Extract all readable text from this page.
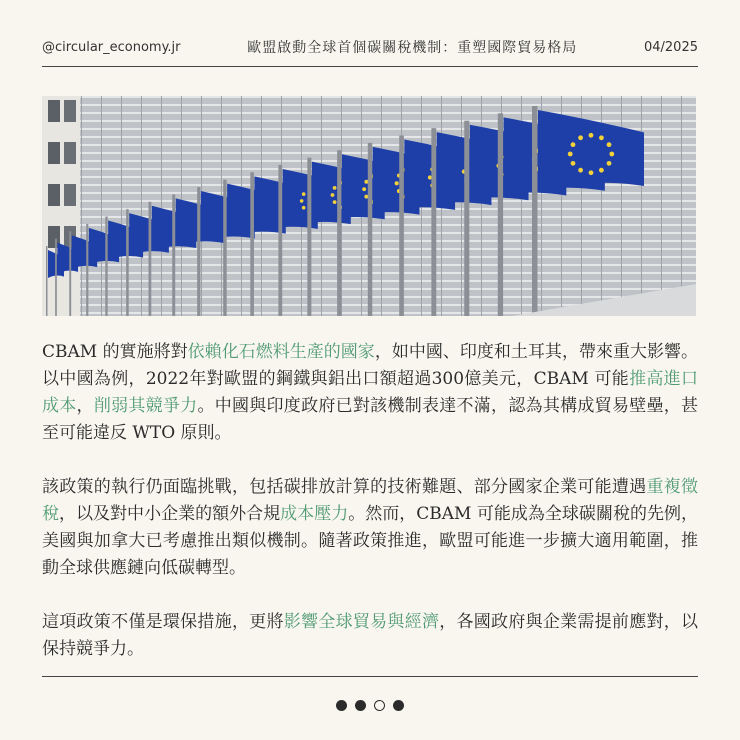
@circular_economy.jr	歐盟啟動全球首個碳關稅機制：重塑國際貿易格局	04/2025

CBAM 的實施將對依賴化石燃料生產的國家，如中國、印度和土耳其，帶來重大影響。以中國為例，2022年對歐盟的鋼鐵與鋁出口額超過300億美元，CBAM 可能推高進口成本，削弱其競爭力。中國與印度政府已對該機制表達不滿，認為其構成貿易壁壘，甚至可能違反 WTO 原則。

該政策的執行仍面臨挑戰，包括碳排放計算的技術難題、部分國家企業可能遭遇重複徵稅，以及對中小企業的額外合規成本壓力。然而，CBAM 可能成為全球碳關稅的先例，美國與加拿大已考慮推出類似機制。隨著政策推進，歐盟可能進一步擴大適用範圍，推動全球供應鏈向低碳轉型。

這項政策不僅是環保措施，更將影響全球貿易與經濟，各國政府與企業需提前應對，以保持競爭力。
